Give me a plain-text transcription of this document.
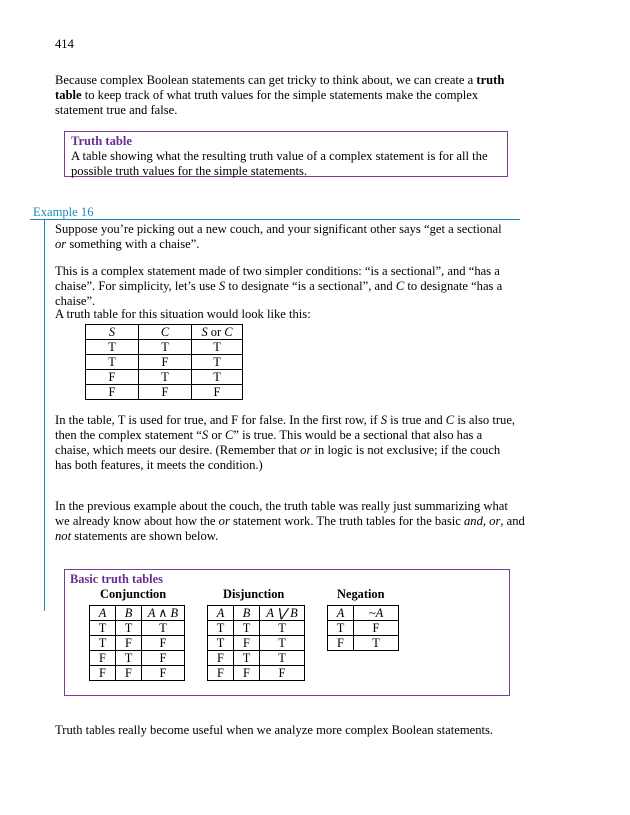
414

Because complex Boolean statements can get tricky to think about, we can create a truth table to keep track of what truth values for the simple statements make the complex statement true and false.

Truth table
A table showing what the resulting truth value of a complex statement is for all the possible truth values for the simple statements.
Example 16

Suppose you’re picking out a new couch, and your significant other says “get a sectional or something with a chaise”.

This is a complex statement made of two simpler conditions: “is a sectional”, and “has a chaise”. For simplicity, let’s use S to designate “is a sectional”, and C to designate “has a chaise”.

A truth table for this situation would look like this:

S	C	S or C
T	T	T
T	F	T
F	T	T
F	F	F

In the table, T is used for true, and F for false. In the first row, if S is true and C is also true, then the complex statement “S or C” is true. This would be a sectional that also has a chaise, which meets our desire. (Remember that or in logic is not exclusive; if the couch has both features, it meets the condition.)

In the previous example about the couch, the truth table was really just summarizing what we already know about how the or statement work. The truth tables for the basic and, or, and not statements are shown below.

Basic truth tables
Conjunction
A	B	A ∧ B
T	T	T
T	F	F
F	T	F
F	F	F
Disjunction
A	B	A ⋁ B
T	T	T
T	F	T
F	T	T
F	F	F
Negation
A	~A
T	F
F	T

Truth tables really become useful when we analyze more complex Boolean statements.
